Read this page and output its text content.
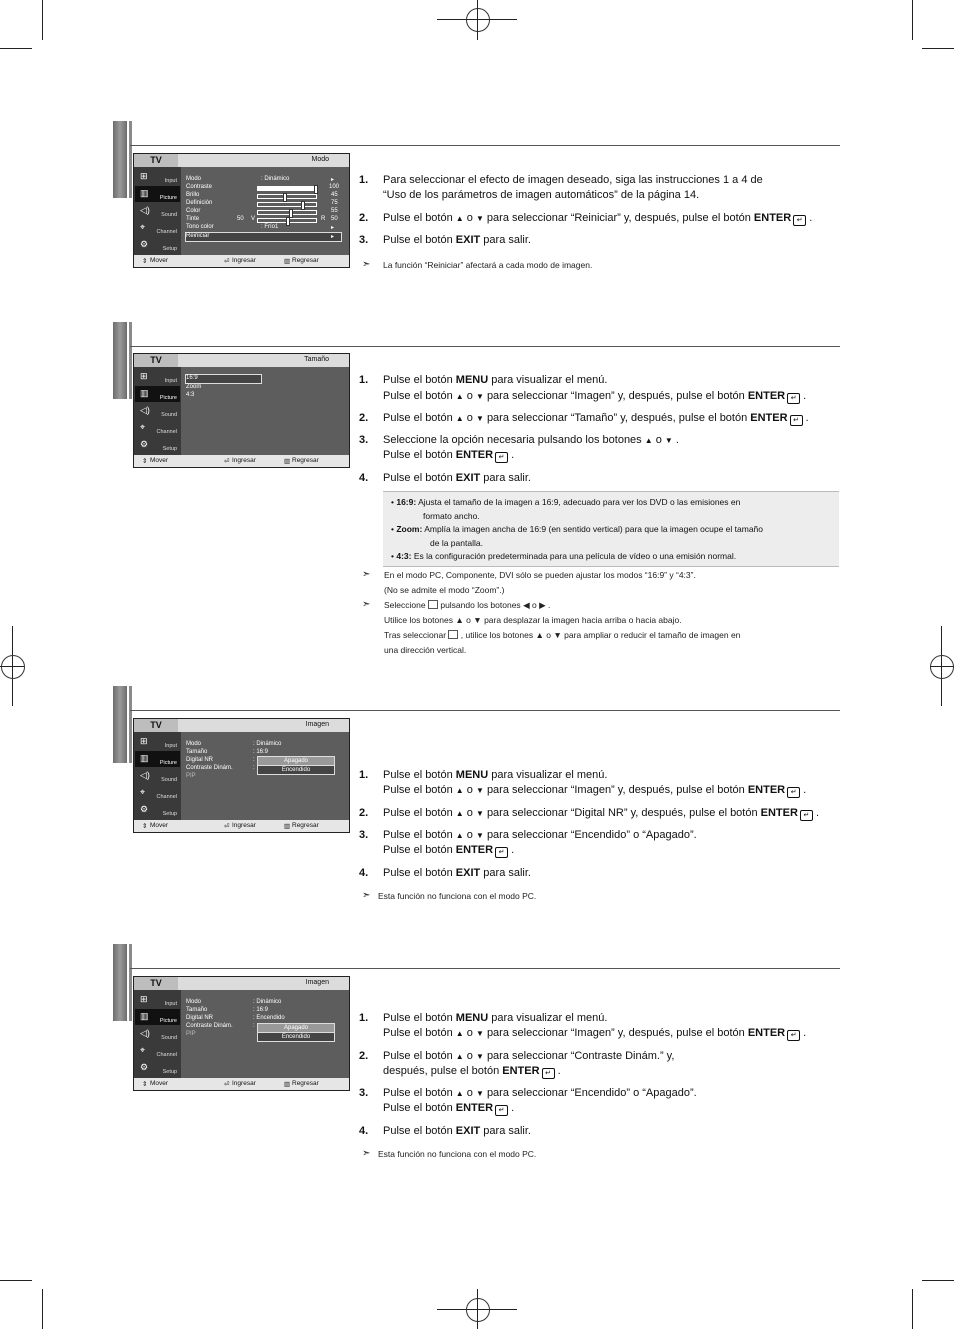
TV	Modo
⊞	Input
▥ Picture
◁) Sound
⌖ Channel
⚙	Setup
Modo	: Dinámico	▸
Contraste	100
Brillo	45
Definición	75
Color	55
Tinte	50 V	R 50
Tono color	: Frío1	▸
Reiniciar	▸
⇕ Mover	⏎ Ingresar	▥ Regresar
1. Para seleccionar el efecto de imagen deseado, siga las instrucciones 1 a 4 de
“Uso de los parámetros de imagen automáticos” de la página 14.
2. Pulse el botón ▲ o ▼ para seleccionar “Reiniciar” y, después, pulse el botón ENTER ↵ .
3. Pulse el botón EXIT para salir.
➣ La función “Reiniciar” afectará a cada modo de imagen.
TV	Tamaño
⊞	Input
▥ Picture
◁) Sound
⌖ Channel
⚙	Setup
16:9
Zoom
4:3
⇕ Mover	⏎ Ingresar	▥ Regresar
1. Pulse el botón MENU para visualizar el menú.
Pulse el botón ▲ o ▼ para seleccionar “Imagen” y, después, pulse el botón ENTER ↵ .
2. Pulse el botón ▲ o ▼ para seleccionar “Tamaño” y, después, pulse el botón ENTER ↵ .
3. Seleccione la opción necesaria pulsando los botones ▲ o ▼ .
Pulse el botón ENTER ↵ .
4. Pulse el botón EXIT para salir.
• 16:9: Ajusta el tamaño de la imagen a 16:9, adecuado para ver los DVD o las emisiones en
formato ancho.
• Zoom: Amplía la imagen ancha de 16:9 (en sentido vertical) para que la imagen ocupe el tamaño
de la pantalla.
• 4:3: Es la configuración predeterminada para una película de vídeo o una emisión normal.
➣ En el modo PC, Componente, DVI sólo se pueden ajustar los modos “16:9” y “4:3”.
(No se admite el modo “Zoom”.)
➣ Seleccione pulsando los botones ◀ o ▶ .
Utilice los botones ▲ o ▼ para desplazar la imagen hacia arriba o hacia abajo.
Tras seleccionar , utilice los botones ▲ o ▼ para ampliar o reducir el tamaño de imagen en
una dirección vertical.
TV	Imagen
⊞	Input
▥ Picture
◁) Sound
⌖ Channel
⚙	Setup
Modo	: Dinámico
Tamaño	: 16:9
Digital NR	:
Contraste Dinám.	:
PIP
Apagado
Encendido
⇕ Mover	⏎ Ingresar	▥ Regresar
1. Pulse el botón MENU para visualizar el menú.
Pulse el botón ▲ o ▼ para seleccionar “Imagen” y, después, pulse el botón ENTER ↵ .
2. Pulse el botón ▲ o ▼ para seleccionar “Digital NR” y, después, pulse el botón ENTER ↵ .
3. Pulse el botón ▲ o ▼ para seleccionar “Encendido” o “Apagado”.
Pulse el botón ENTER ↵ .
4. Pulse el botón EXIT para salir.
➣ Esta función no funciona con el modo PC.
TV	Imagen
⊞	Input
▥ Picture
◁) Sound
⌖ Channel
⚙	Setup
Modo	: Dinámico
Tamaño	: 16:9
Digital NR	: Encendido
Contraste Dinám.	:
PIP
Apagado
Encendido
⇕ Mover	⏎ Ingresar	▥ Regresar
1. Pulse el botón MENU para visualizar el menú.
Pulse el botón ▲ o ▼ para seleccionar “Imagen” y, después, pulse el botón ENTER ↵ .
2. Pulse el botón ▲ o ▼ para seleccionar “Contraste Dinám.” y,
después, pulse el botón ENTER ↵ .
3. Pulse el botón ▲ o ▼ para seleccionar “Encendido” o “Apagado”.
Pulse el botón ENTER ↵ .
4. Pulse el botón EXIT para salir.
➣ Esta función no funciona con el modo PC.
